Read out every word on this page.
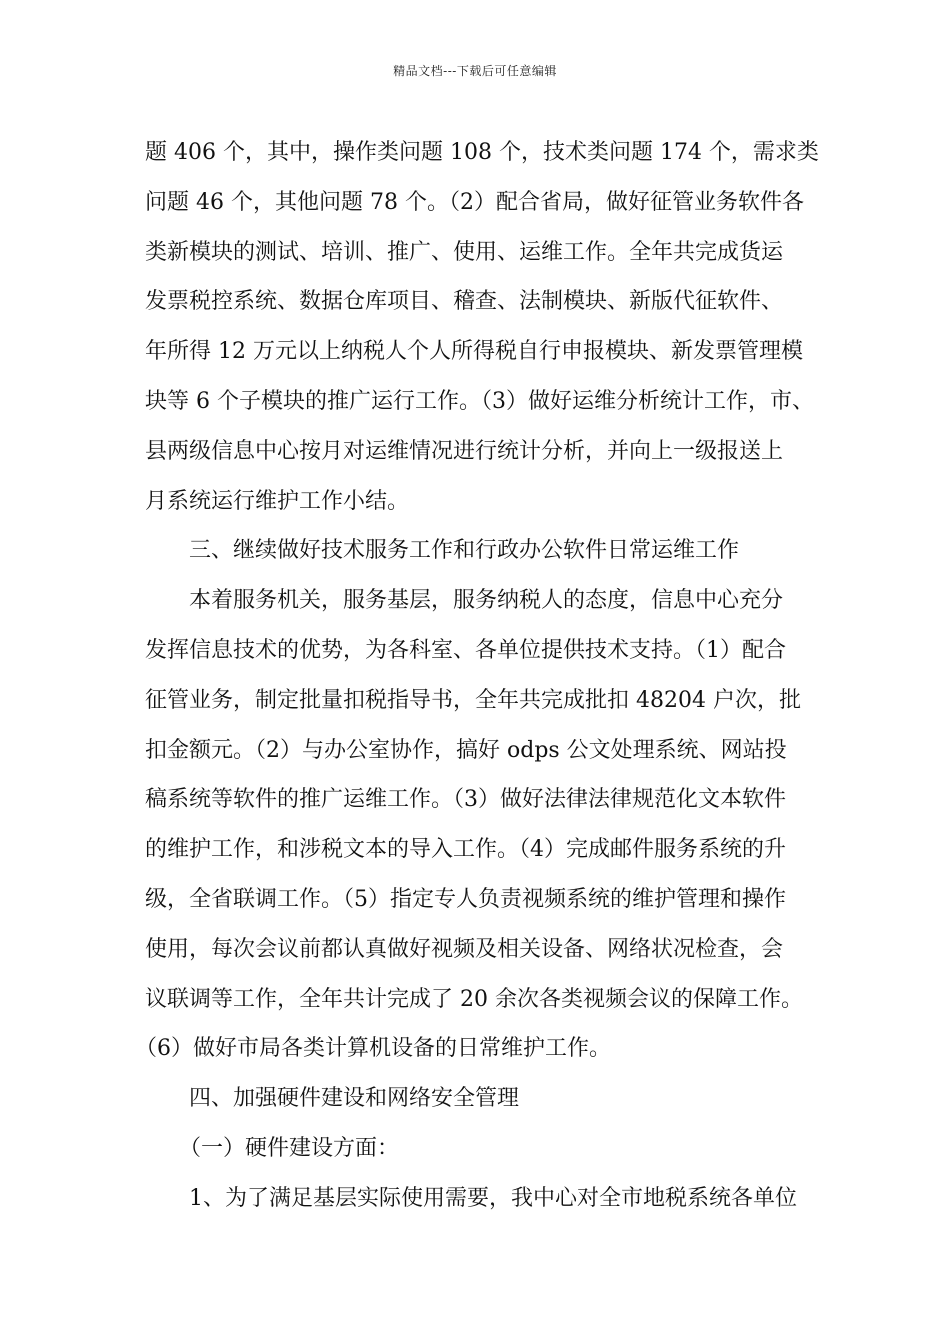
精品文档---下载后可任意编辑
题 406 个，其中，操作类问题 108 个，技术类问题 174 个，需求类
问题 46 个，其他问题 78 个。（2）配合省局，做好征管业务软件各
类新模块的测试、培训、推广、使用、运维工作。全年共完成货运
发票税控系统、数据仓库项目、稽查、法制模块、新版代征软件、
年所得 12 万元以上纳税人个人所得税自行申报模块、新发票管理模
块等 6 个子模块的推广运行工作。（3）做好运维分析统计工作，市、
县两级信息中心按月对运维情况进行统计分析，并向上一级报送上
月系统运行维护工作小结。
三、继续做好技术服务工作和行政办公软件日常运维工作
本着服务机关，服务基层，服务纳税人的态度，信息中心充分
发挥信息技术的优势，为各科室、各单位提供技术支持。（1）配合
征管业务，制定批量扣税指导书，全年共完成批扣 48204 户次，批
扣金额元。（2）与办公室协作，搞好 odps 公文处理系统、网站投
稿系统等软件的推广运维工作。（3）做好法律法律规范化文本软件
的维护工作，和涉税文本的导入工作。（4）完成邮件服务系统的升
级，全省联调工作。（5）指定专人负责视频系统的维护管理和操作
使用，每次会议前都认真做好视频及相关设备、网络状况检查，会
议联调等工作，全年共计完成了 20 余次各类视频会议的保障工作。
（6）做好市局各类计算机设备的日常维护工作。
四、加强硬件建设和网络安全管理
（一）硬件建设方面：
1、为了满足基层实际使用需要，我中心对全市地税系统各单位
